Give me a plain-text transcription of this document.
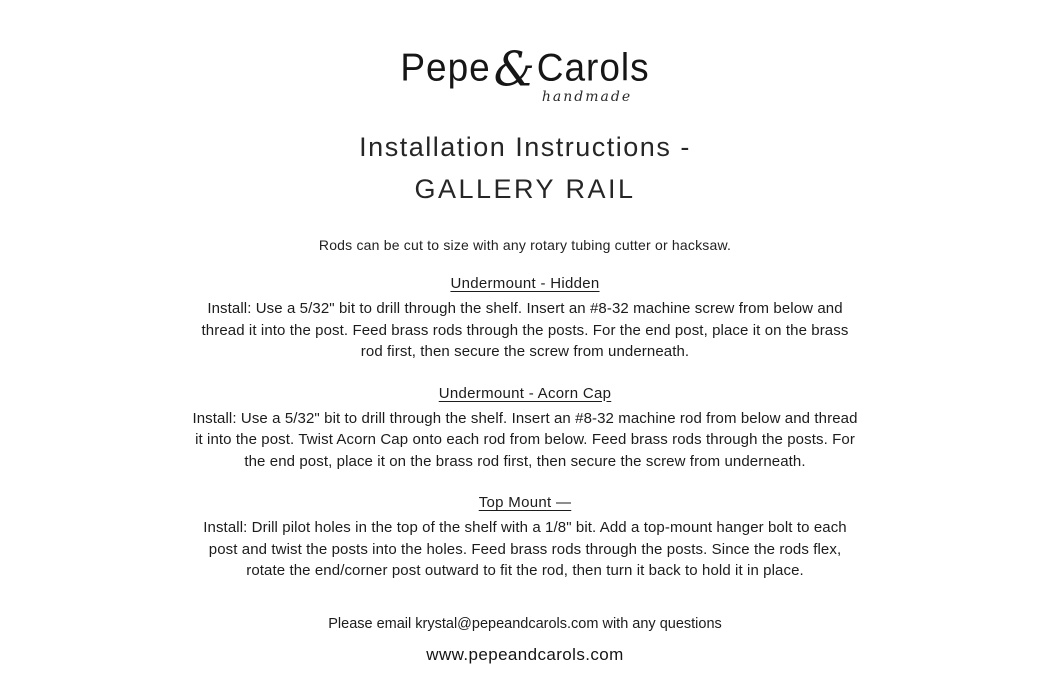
Pepe&Carols
handmade
Installation Instructions -
GALLERY RAIL

Rods can be cut to size with any rotary tubing cutter or hacksaw.

Undermount - Hidden

Install: Use a 5/32" bit to drill through the shelf. Insert an #8-32 machine screw from below and thread it into the post. Feed brass rods through the posts. For the end post, place it on the brass rod first, then secure the screw from underneath.

Undermount - Acorn Cap

Install: Use a 5/32" bit to drill through the shelf. Insert an #8-32 machine rod from below and thread it into the post. Twist Acorn Cap onto each rod from below. Feed brass rods through the posts. For the end post, place it on the brass rod first, then secure the screw from underneath.

Top Mount —

Install: Drill pilot holes in the top of the shelf with a 1/8" bit. Add a top-mount hanger bolt to each post and twist the posts into the holes. Feed brass rods through the posts. Since the rods flex, rotate the end/corner post outward to fit the rod, then turn it back to hold it in place.

Please email krystal@pepeandcarols.com with any questions

www.pepeandcarols.com
